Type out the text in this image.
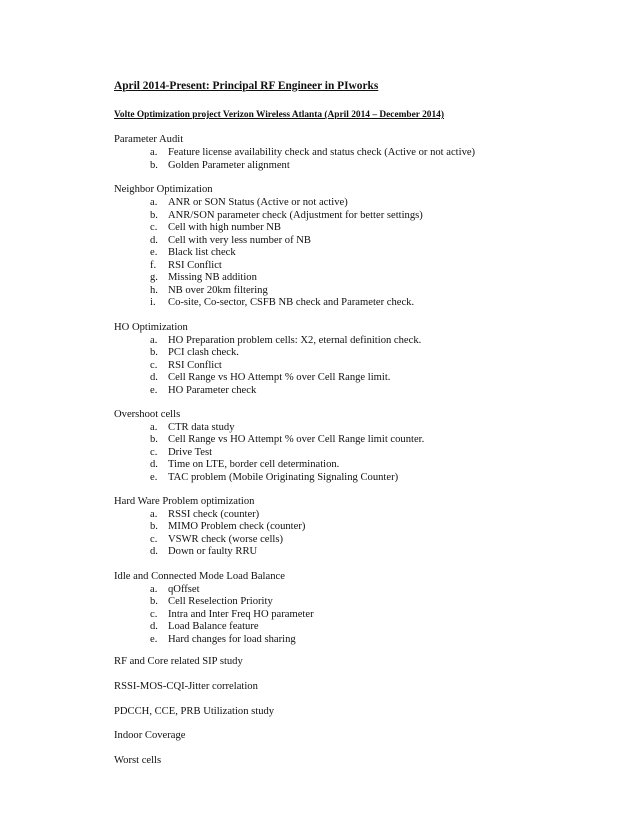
April 2014-Present: Principal RF Engineer in PIworks
Volte Optimization project Verizon Wireless Atlanta (April 2014 – December 2014)
Parameter Audit
a. Feature license availability check and status check (Active or not active)
b. Golden Parameter alignment
Neighbor Optimization
a. ANR or SON Status (Active or not active)
b. ANR/SON parameter check (Adjustment for better settings)
c. Cell with high number NB
d. Cell with very less number of NB
e. Black list check
f. RSI Conflict
g. Missing NB addition
h. NB over 20km filtering
i. Co-site, Co-sector, CSFB NB check and Parameter check.
HO Optimization
a. HO Preparation problem cells: X2, eternal definition check.
b. PCI clash check.
c. RSI Conflict
d. Cell Range vs HO Attempt % over Cell Range limit.
e. HO Parameter check
Overshoot cells
a. CTR data study
b. Cell Range vs HO Attempt % over Cell Range limit counter.
c. Drive Test
d. Time on LTE, border cell determination.
e. TAC problem (Mobile Originating Signaling Counter)
Hard Ware Problem optimization
a. RSSI check (counter)
b. MIMO Problem check (counter)
c. VSWR check (worse cells)
d. Down or faulty RRU
Idle and Connected Mode Load Balance
a. qOffset
b. Cell Reselection Priority
c. Intra and Inter Freq HO parameter
d. Load Balance feature
e. Hard changes for load sharing
RF and Core related SIP study
RSSI-MOS-CQI-Jitter correlation
PDCCH, CCE, PRB Utilization study
Indoor Coverage
Worst cells
